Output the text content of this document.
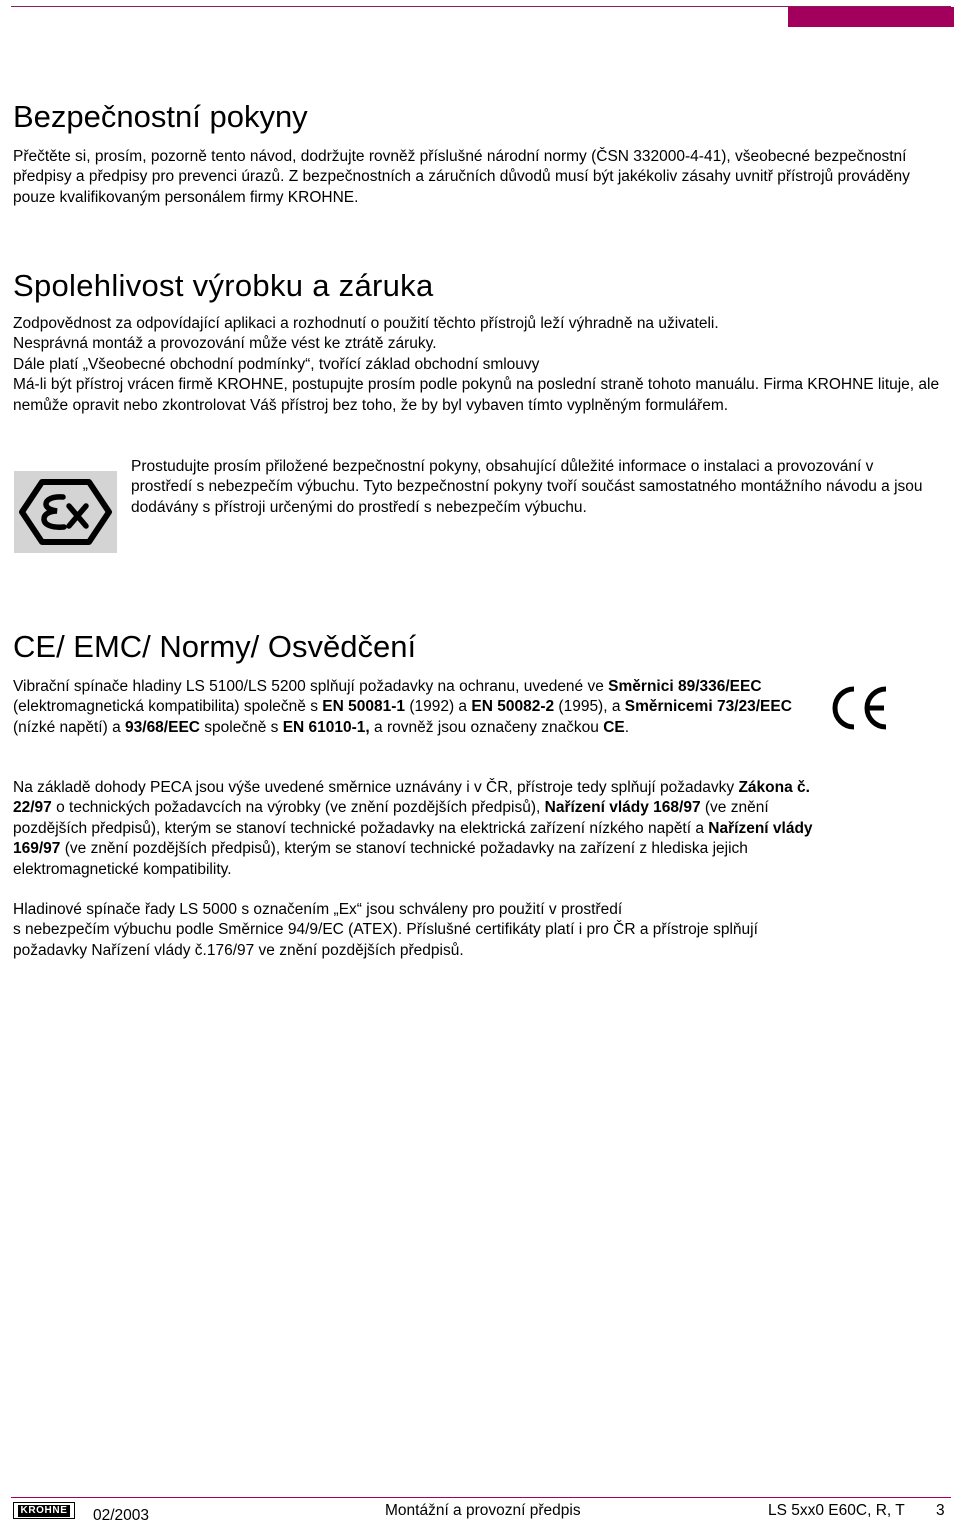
Bezpečnostní pokyny

Přečtěte si, prosím, pozorně tento návod, dodržujte rovněž příslušné národní normy (ČSN 332000-4-41), všeobecné bezpečnostní předpisy a předpisy pro prevenci úrazů. Z bezpečnostních a záručních důvodů musí být jakékoliv zásahy uvnitř přístrojů prováděny pouze kvalifikovaným personálem firmy KROHNE.

Spolehlivost výrobku a záruka
Zodpovědnost za odpovídající aplikaci a rozhodnutí o použití těchto přístrojů leží výhradně na uživateli.
Nesprávná montáž a provozování může vést ke ztrátě záruky.
Dále platí „Všeobecné obchodní podmínky“, tvořící základ obchodní smlouvy
Má-li být přístroj vrácen firmě KROHNE, postupujte prosím podle pokynů na poslední straně tohoto manuálu. Firma KROHNE lituje, ale nemůže opravit nebo zkontrolovat Váš přístroj bez toho, že by byl vybaven tímto vyplněným formulářem.

Prostudujte prosím přiložené bezpečnostní pokyny, obsahující důležité informace o instalaci a provozování v prostředí s nebezpečím výbuchu. Tyto bezpečnostní pokyny tvoří součást samostatného montážního návodu a jsou dodávány s přístroji určenými do prostředí s nebezpečím výbuchu.

CE/ EMC/ Normy/ Osvědčení

Vibrační spínače hladiny LS 5100/LS 5200 splňují požadavky na ochranu, uvedené ve Směrnici 89/336/EEC (elektromagnetická kompatibilita) společně s EN 50081-1 (1992) a EN 50082-2 (1995), a Směrnicemi 73/23/EEC (nízké napětí) a 93/68/EEC společně s EN 61010-1, a rovněž jsou označeny značkou CE.

Na základě dohody PECA jsou výše uvedené směrnice uznávány i v ČR, přístroje tedy splňují požadavky Zákona č. 22/97 o technických požadavcích na výrobky (ve znění pozdějších předpisů), Nařízení vlády 168/97 (ve znění pozdějších předpisů), kterým se stanoví technické požadavky na elektrická zařízení nízkého napětí a Nařízení vlády 169/97 (ve znění pozdějších předpisů), kterým se stanoví technické požadavky na zařízení z hlediska jejich elektromagnetické kompatibility.

Hladinové spínače řady LS 5000 s označením „Ex“ jsou schváleny pro použití v prostředí
s nebezpečím výbuchu podle Směrnice 94/9/EC (ATEX). Příslušné certifikáty platí i pro ČR a přístroje splňují požadavky Nařízení vlády č.176/97 ve znění pozdějších předpisů.
KROHNE 02/2003	Montážní a provozní předpis	LS 5xx0 E60C, R, T 3
